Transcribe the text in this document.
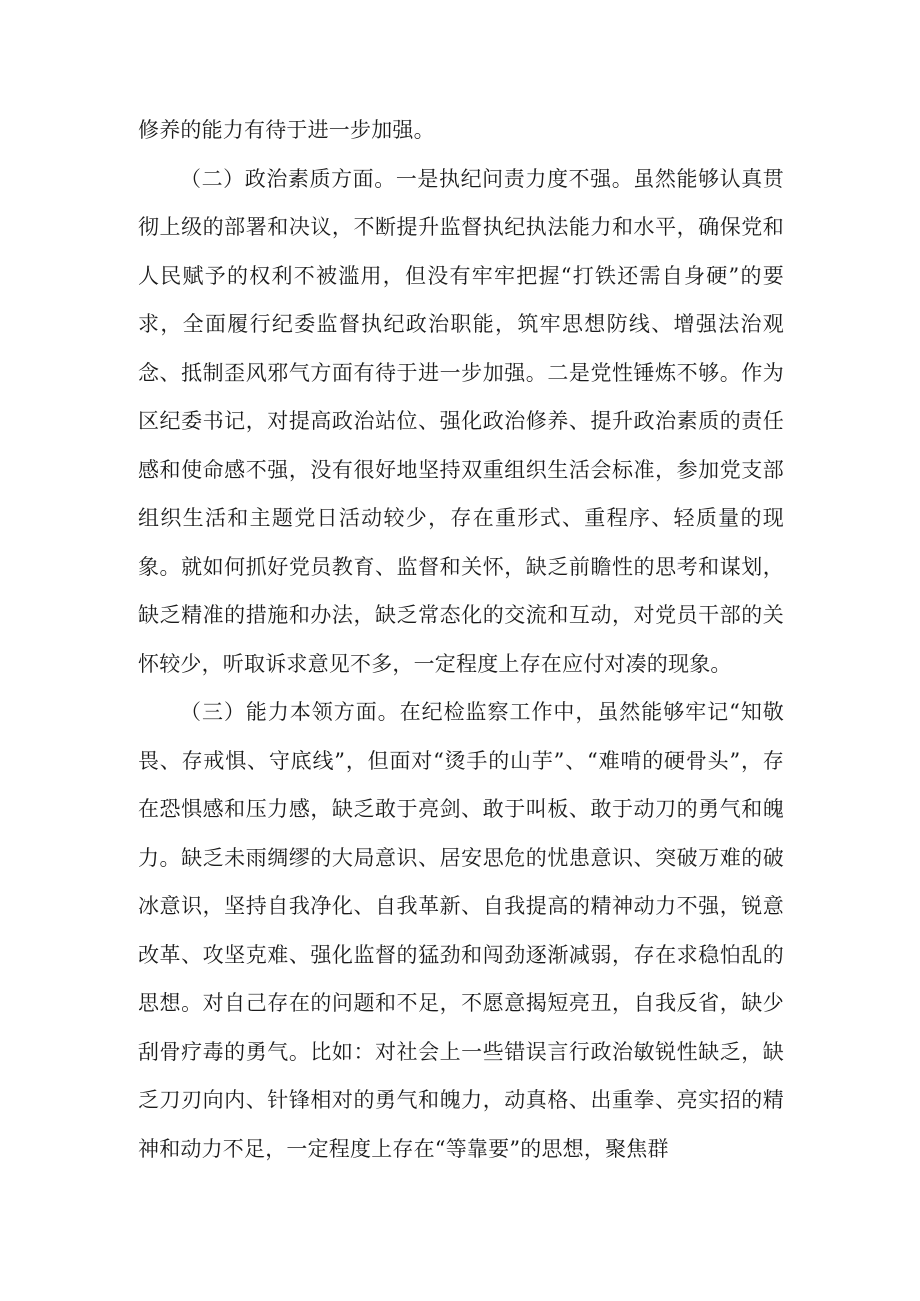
修养的能力有待于进一步加强。

（二）政治素质方面。一是执纪问责力度不强。虽然能够认真贯彻上级的部署和决议，不断提升监督执纪执法能力和水平，确保党和人民赋予的权利不被滥用，但没有牢牢把握“打铁还需自身硬”的要求，全面履行纪委监督执纪政治职能，筑牢思想防线、增强法治观念、抵制歪风邪气方面有待于进一步加强。二是党性锤炼不够。作为区纪委书记，对提高政治站位、强化政治修养、提升政治素质的责任感和使命感不强，没有很好地坚持双重组织生活会标准，参加党支部组织生活和主题党日活动较少，存在重形式、重程序、轻质量的现象。就如何抓好党员教育、监督和关怀，缺乏前瞻性的思考和谋划，缺乏精准的措施和办法，缺乏常态化的交流和互动，对党员干部的关怀较少，听取诉求意见不多，一定程度上存在应付对凑的现象。

（三）能力本领方面。在纪检监察工作中，虽然能够牢记“知敬畏、存戒惧、守底线”，但面对“烫手的山芋”、“难啃的硬骨头”，存在恐惧感和压力感，缺乏敢于亮剑、敢于叫板、敢于动刀的勇气和魄力。缺乏未雨绸缪的大局意识、居安思危的忧患意识、突破万难的破冰意识，坚持自我净化、自我革新、自我提高的精神动力不强，锐意改革、攻坚克难、强化监督的猛劲和闯劲逐渐减弱，存在求稳怕乱的思想。对自己存在的问题和不足，不愿意揭短亮丑，自我反省，缺少刮骨疗毒的勇气。比如：对社会上一些错误言行政治敏锐性缺乏，缺乏刀刃向内、针锋相对的勇气和魄力，动真格、出重拳、亮实招的精神和动力不足，一定程度上存在“等靠要”的思想，聚焦群
